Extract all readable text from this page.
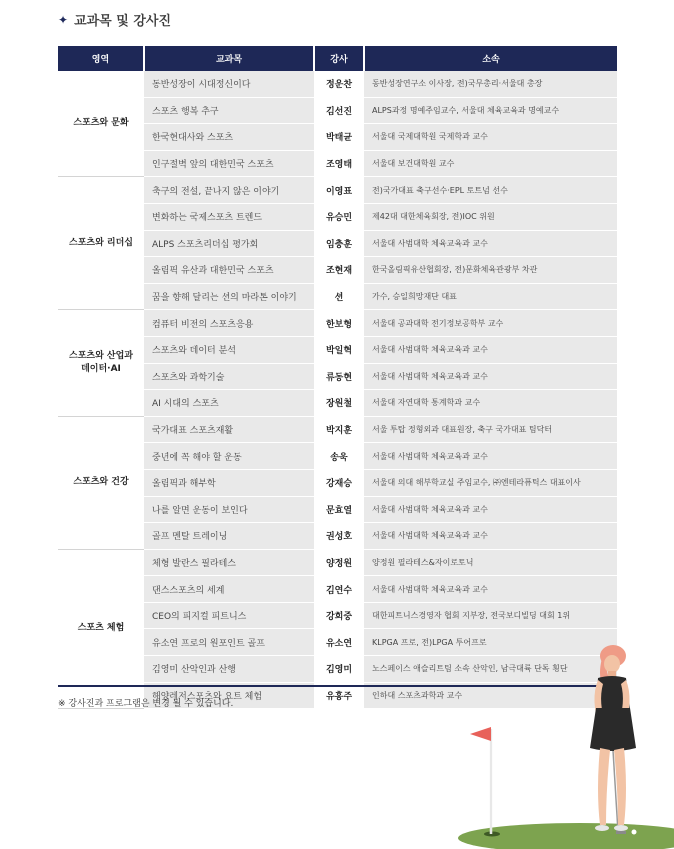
✦ 교과목 및 강사진
영역	교과목	강사	소속
스포츠와 문화	동반성장이 시대정신이다	정운찬	동반성장연구소 이사장, 전)국무총리·서울대 총장
	스포츠 행복 추구	김선진	ALPS과정 명예주임교수, 서울대 체육교육과 명예교수
	한국현대사와 스포츠	박태균	서울대 국제대학원 국제학과 교수
	인구절벽 앞의 대한민국 스포츠	조영태	서울대 보건대학원 교수
스포츠와 리더십	축구의 전설, 끝나지 않은 이야기	이영표	전)국가대표 축구선수·EPL 토트넘 선수
	변화하는 국제스포츠 트렌드	유승민	제42대 대한체육회장, 전)IOC 위원
	ALPS 스포츠리더십 평가회	임충훈	서울대 사범대학 체육교육과 교수
	올림픽 유산과 대한민국 스포츠	조현재	한국올림픽유산협회장, 전)문화체육관광부 차관
	꿈을 향해 달리는 션의 마라톤 이야기	션	가수, 승일희망재단 대표
스포츠와 산업과
데이터·AI	컴퓨터 비전의 스포츠응용	한보형	서울대 공과대학 전기정보공학부 교수
	스포츠와 데이터 분석	박일혁	서울대 사범대학 체육교육과 교수
	스포츠와 과학기술	류동현	서울대 사범대학 체육교육과 교수
	AI 시대의 스포츠	장원철	서울대 자연대학 통계학과 교수
스포츠와 건강	국가대표 스포츠재활	박지훈	서울 투탑 정형외과 대표원장, 축구 국가대표 팀닥터
	중년에 꼭 해야 할 운동	송욱	서울대 사범대학 체육교육과 교수
	올림픽과 해부학	강재승	서울대 의대 해부학교실 주임교수, ㈜엔테라퓨틱스 대표이사
	나를 알면 운동이 보인다	문효열	서울대 사범대학 체육교육과 교수
	골프 멘탈 트레이닝	권성호	서울대 사범대학 체육교육과 교수
스포츠 체험	체형 발란스 필라테스	양정원	양정원 필라테스&자이로토닉
	댄스스포츠의 세계	김연수	서울대 사범대학 체육교육과 교수
	CEO의 피지컬 피트니스	강희중	대한피트니스경영자 협회 지부장, 전국보디빌딩 대회 1위
	유소연 프로의 원포인트 골프	유소연	KLPGA 프로, 전)LPGA 투어프로
	김영미 산악인과 산행	김영미	노스페이스 애슬리트팀 소속 산악인, 남극대륙 단독 횡단
	해양레저스포츠와 요트 체험	유홍주	인하대 스포츠과학과 교수
※ 강사진과 프로그램은 변경 될 수 있습니다.
